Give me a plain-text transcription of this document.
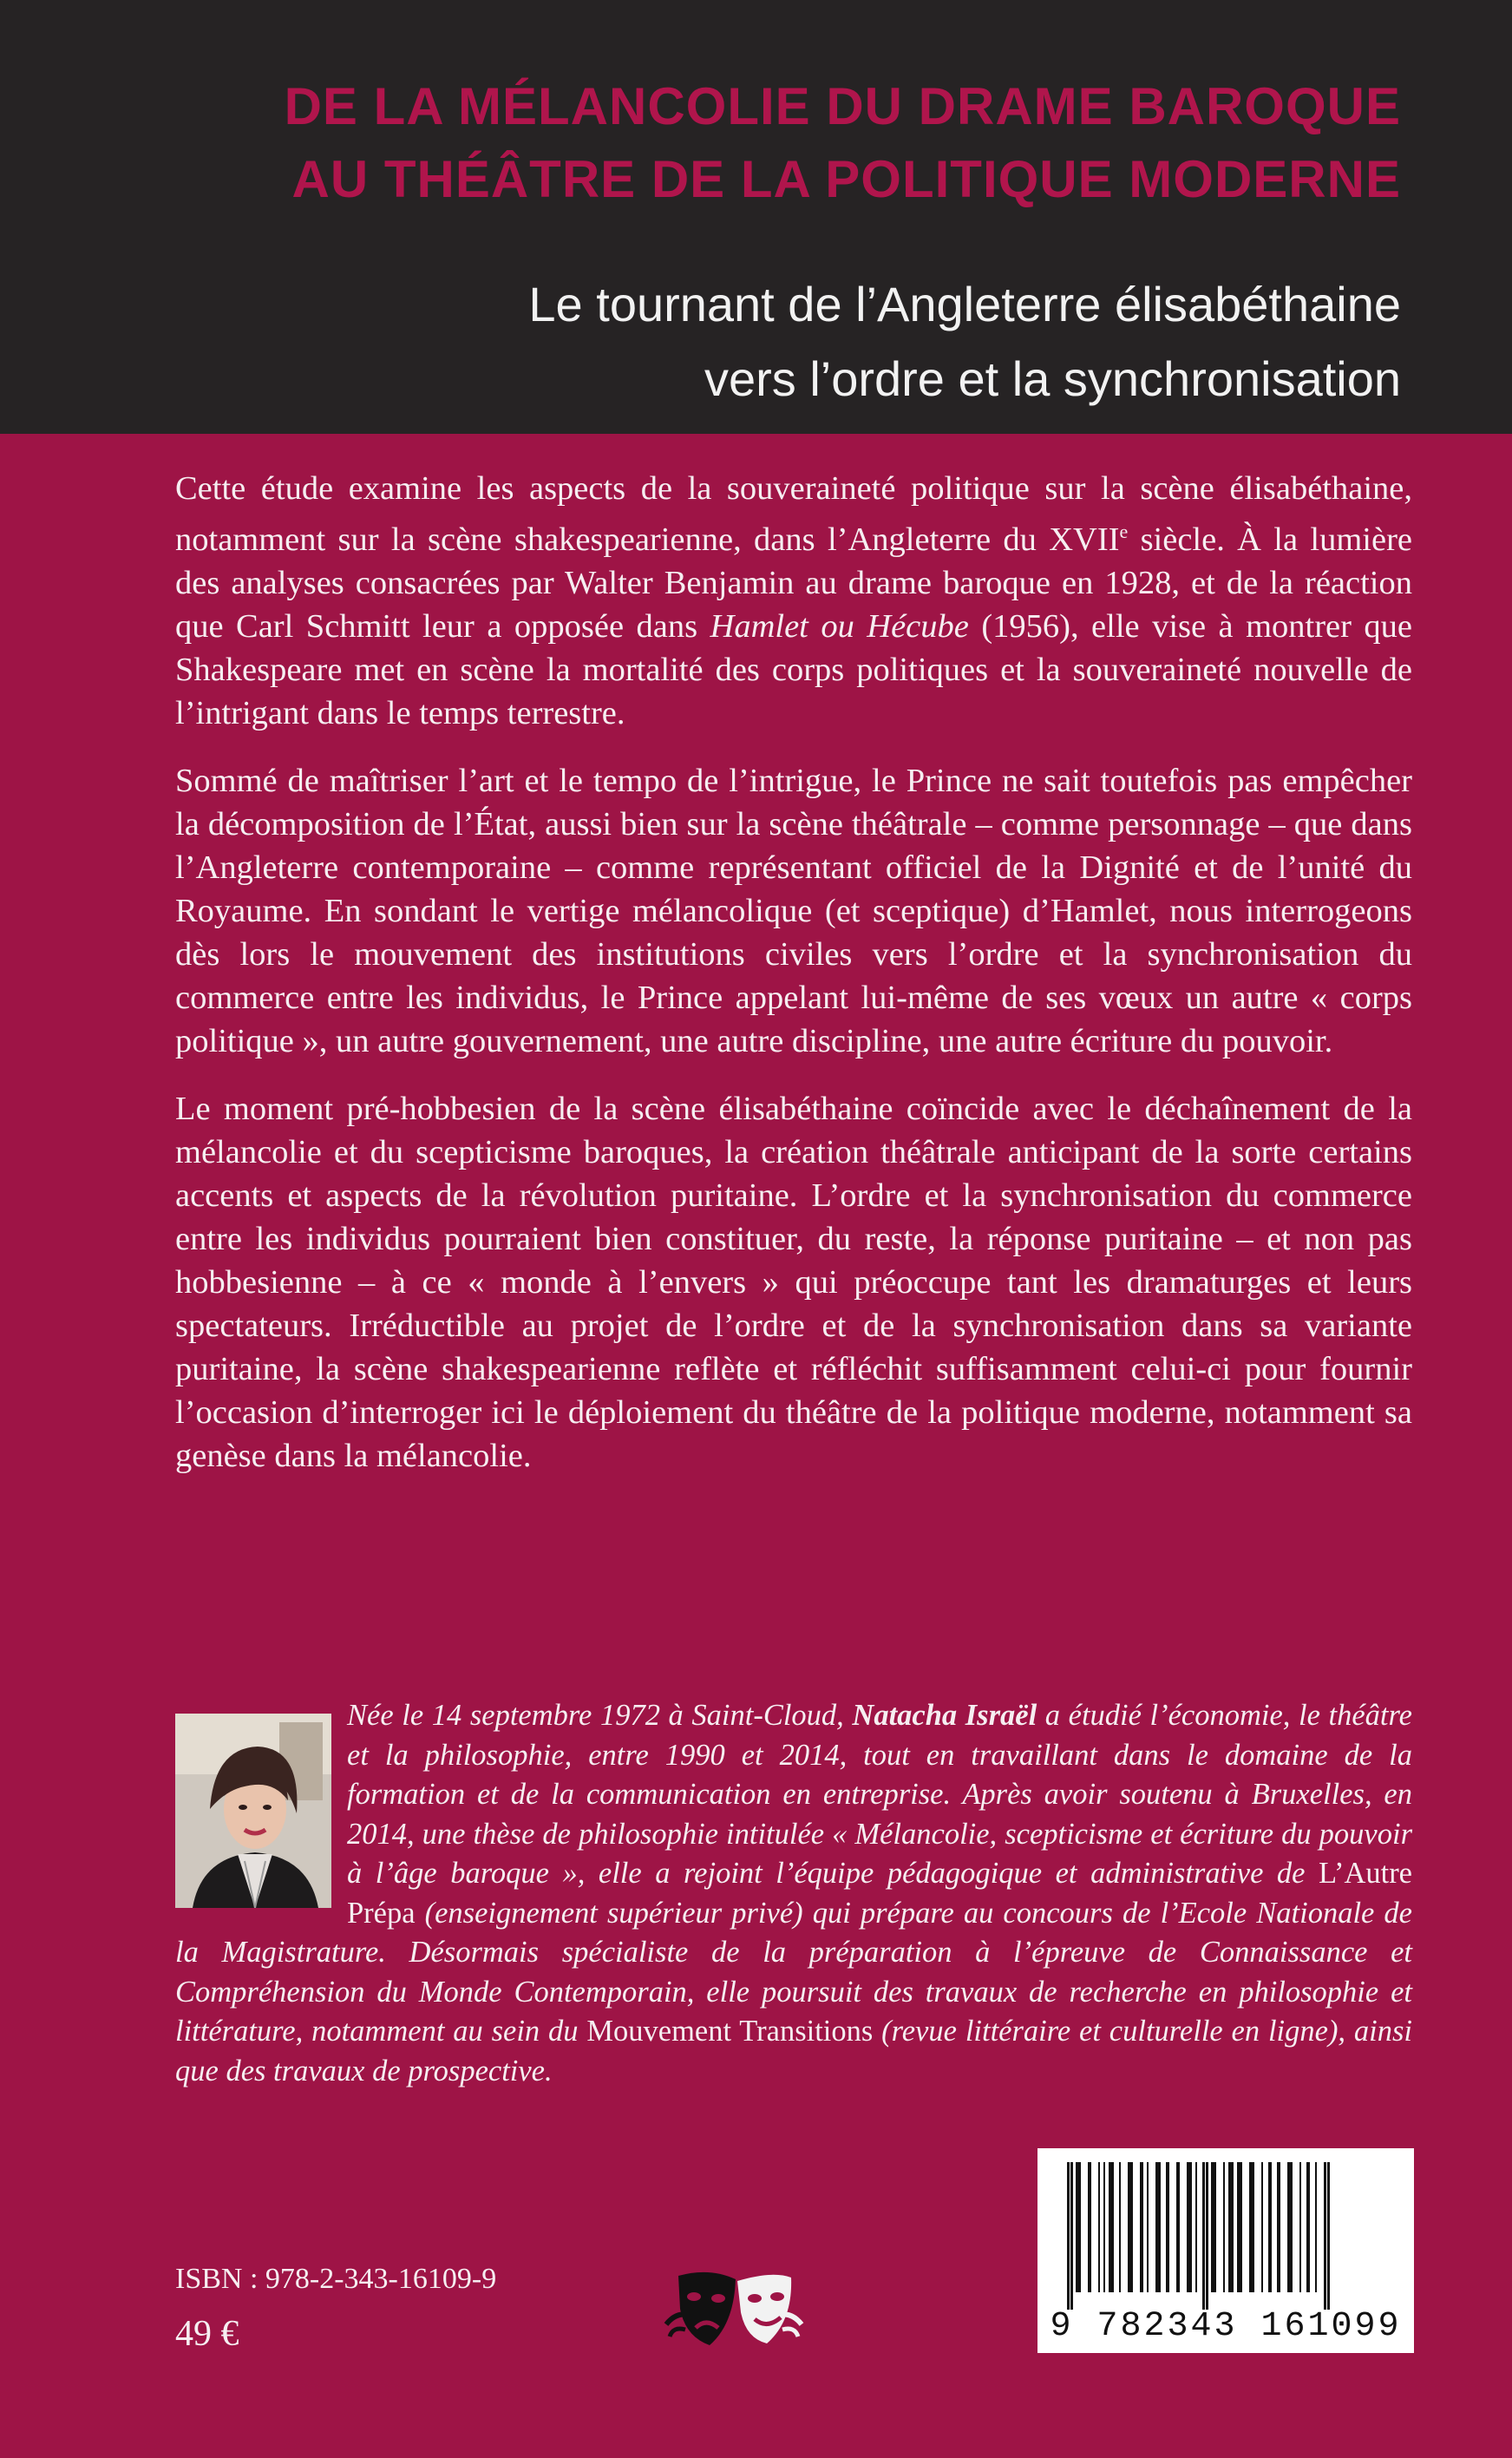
DE LA MÉLANCOLIE DU DRAME BAROQUE
AU THÉÂTRE DE LA POLITIQUE MODERNE
Le tournant de l’Angleterre élisabéthaine
vers l’ordre et la synchronisation

Cette étude examine les aspects de la souveraineté politique sur la scène élisabéthaine, notamment sur la scène shakespearienne, dans l’Angleterre du XVIIe siècle. À la lumière des analyses consacrées par Walter Benjamin au drame baroque en 1928, et de la réaction que Carl Schmitt leur a opposée dans Hamlet ou Hécube (1956), elle vise à montrer que Shakespeare met en scène la mortalité des corps politiques et la souveraineté nouvelle de l’intrigant dans le temps terrestre.

Sommé de maîtriser l’art et le tempo de l’intrigue, le Prince ne sait toutefois pas empêcher la décomposition de l’État, aussi bien sur la scène théâtrale – comme personnage – que dans l’Angleterre contemporaine – comme représentant officiel de la Dignité et de l’unité du Royaume. En sondant le vertige mélancolique (et sceptique) d’Hamlet, nous interrogeons dès lors le mouvement des institutions civiles vers l’ordre et la synchronisation du commerce entre les individus, le Prince appelant lui-même de ses vœux un autre « corps politique », un autre gouvernement, une autre discipline, une autre écriture du pouvoir.

Le moment pré-hobbesien de la scène élisabéthaine coïncide avec le déchaînement de la mélancolie et du scepticisme baroques, la création théâtrale anticipant de la sorte certains accents et aspects de la révolution puritaine. L’ordre et la synchronisation du commerce entre les individus pourraient bien constituer, du reste, la réponse puritaine – et non pas hobbesienne – à ce « monde à l’envers » qui préoccupe tant les dramaturges et leurs spectateurs. Irréductible au projet de l’ordre et de la synchronisation dans sa variante puritaine, la scène shakespearienne reflète et réfléchit suffisamment celui-ci pour fournir l’occasion d’interroger ici le déploiement du théâtre de la politique moderne, notamment sa genèse dans la mélancolie.

Née le 14 septembre 1972 à Saint-Cloud, Natacha Israël a étudié l’économie, le théâtre et la philosophie, entre 1990 et 2014, tout en travaillant dans le domaine de la formation et de la communication en entreprise. Après avoir soutenu à Bruxelles, en 2014, une thèse de philosophie intitulée « Mélancolie, scepticisme et écriture du pouvoir à l’âge baroque », elle a rejoint l’équipe pédagogique et administrative de L’Autre Prépa (enseignement supérieur privé) qui prépare au concours de l’Ecole Nationale de la Magistrature. Désormais spécialiste de la préparation à l’épreuve de Connaissance et Compréhension du Monde Contemporain, elle poursuit des travaux de recherche en philosophie et littérature, notamment au sein du Mouvement Transitions (revue littéraire et culturelle en ligne), ainsi que des travaux de prospective.

ISBN : 978-2-343-16109-9
49 €	9 782343 161099
